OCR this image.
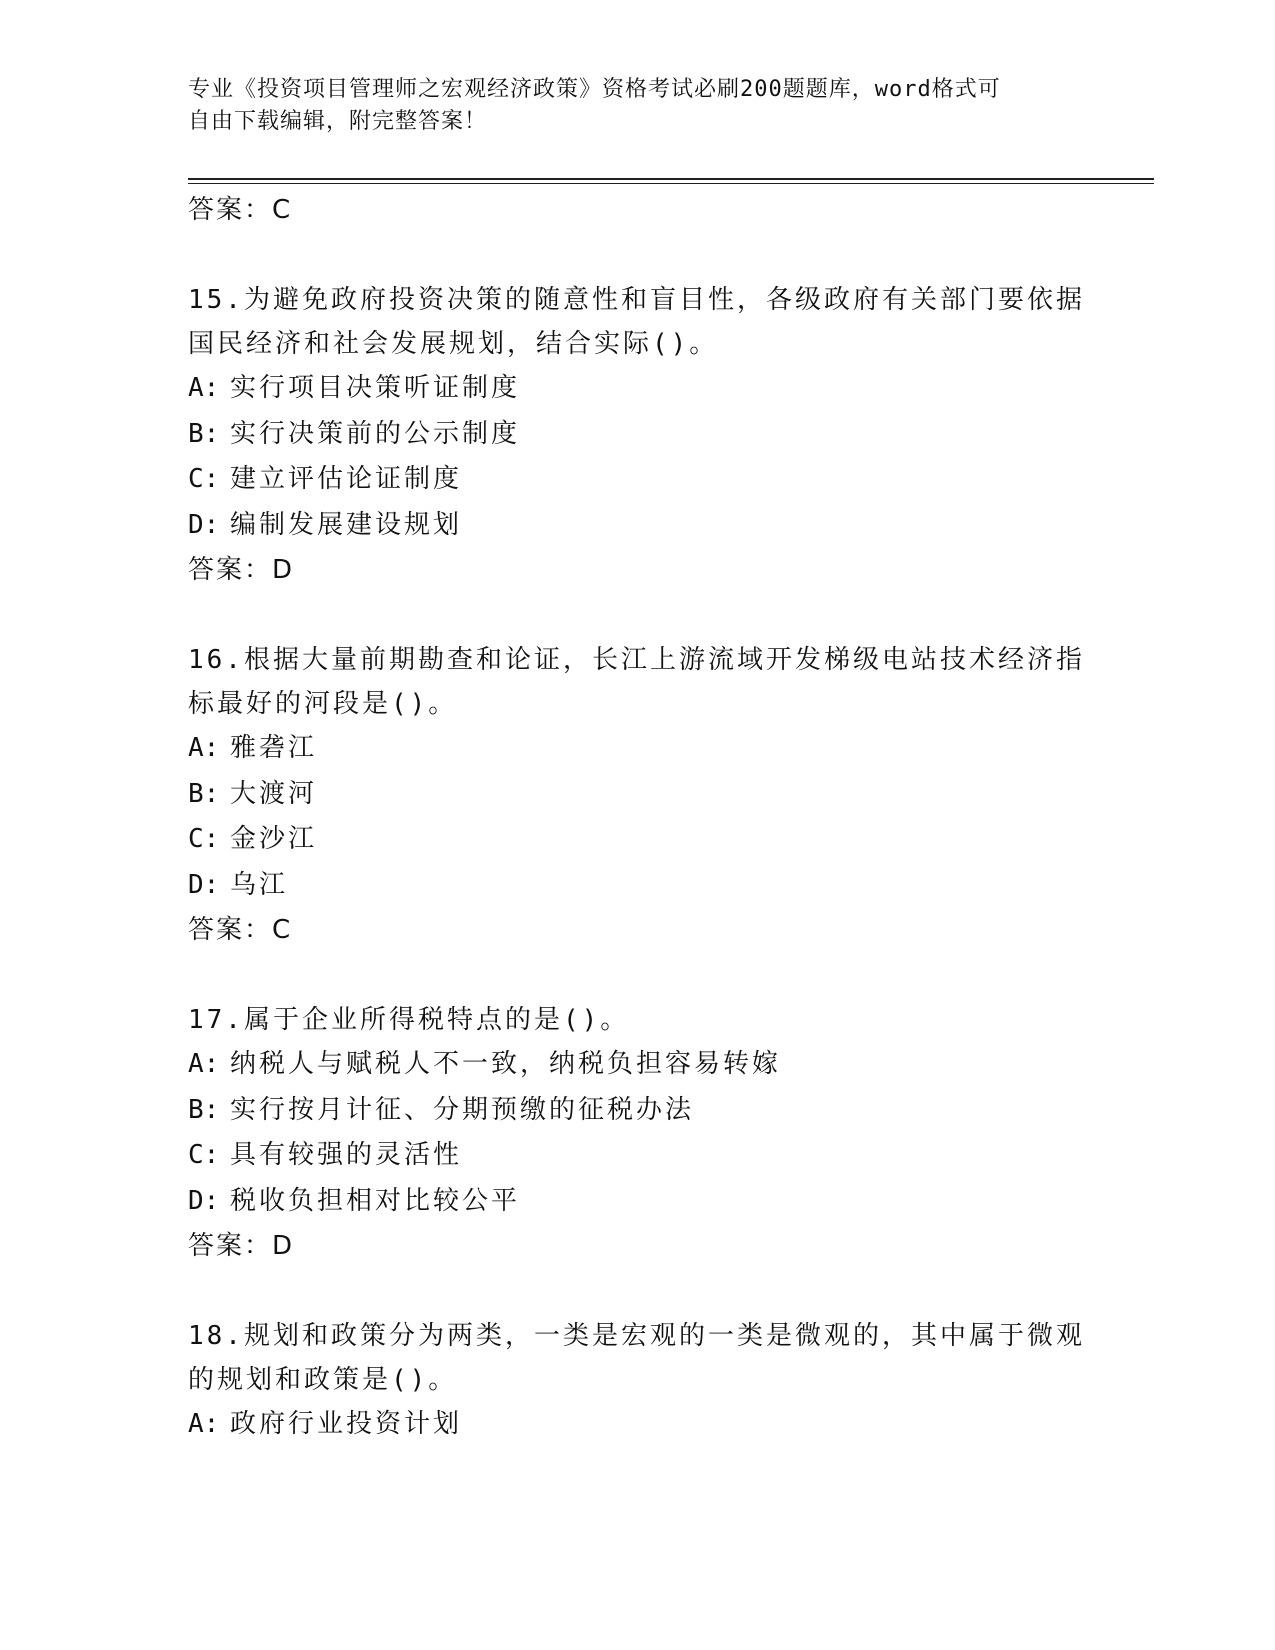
专业《投资项目管理师之宏观经济政策》资格考试必刷200题题库，word格式可
自由下载编辑，附完整答案！
答案：C
15.为避免政府投资决策的随意性和盲目性，各级政府有关部门要依据
国民经济和社会发展规划，结合实际()。
A: 实行项目决策听证制度
B: 实行决策前的公示制度
C: 建立评估论证制度
D: 编制发展建设规划
答案：D
16.根据大量前期勘查和论证，长江上游流域开发梯级电站技术经济指
标最好的河段是()。
A: 雅砻江
B: 大渡河
C: 金沙江
D: 乌江
答案：C
17.属于企业所得税特点的是()。
A: 纳税人与赋税人不一致，纳税负担容易转嫁
B: 实行按月计征、分期预缴的征税办法
C: 具有较强的灵活性
D: 税收负担相对比较公平
答案：D
18.规划和政策分为两类，一类是宏观的一类是微观的，其中属于微观
的规划和政策是()。
A: 政府行业投资计划
